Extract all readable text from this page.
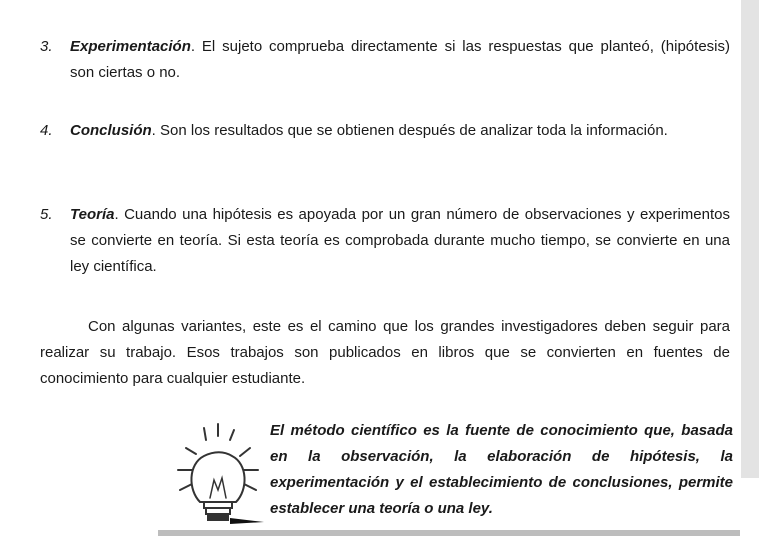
3. Experimentación. El sujeto comprueba directamente si las respuestas que planteó, (hipótesis) son ciertas o no.
4. Conclusión. Son los resultados que se obtienen después de analizar toda la información.
5. Teoría. Cuando una hipótesis es apoyada por un gran número de observaciones y experimentos se convierte en teoría. Si esta teoría es comprobada durante mucho tiempo, se convierte en una ley científica.
Con algunas variantes, este es el camino que los grandes investigadores deben seguir para realizar su trabajo. Esos trabajos son publicados en libros que se convierten en fuentes de conocimiento para cualquier estudiante.
El método científico es la fuente de conocimiento que, basada en la observación, la elaboración de hipótesis, la experimentación y el establecimiento de conclusiones, permite establecer una teoría o una ley.
